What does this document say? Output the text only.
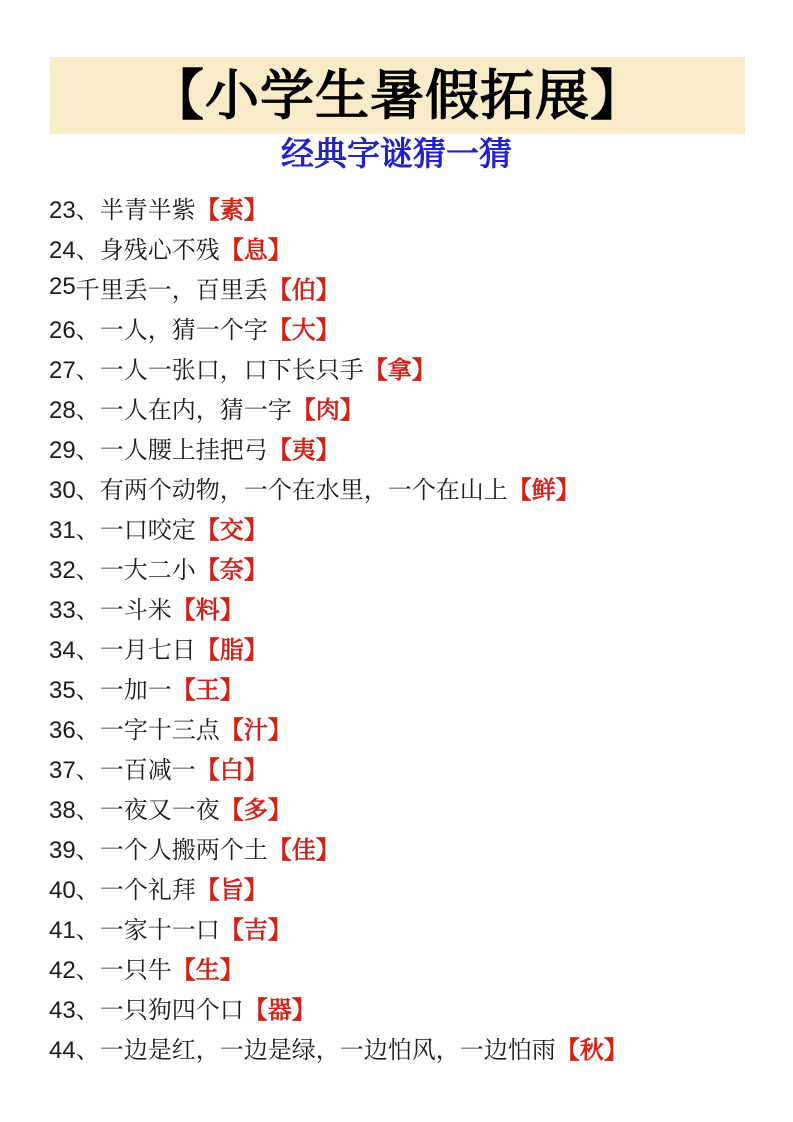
【小学生暑假拓展】
经典字谜猜一猜
23、 半青半紫 【素】
24、 身残心不残 【息】
25 千里丢一，百里丢 【伯】
26、 一人，猜一个字 【大】
27、 一人一张口，口下长只手 【拿】
28、 一人在内，猜一字 【肉】
29、 一人腰上挂把弓 【夷】
30、 有两个动物，一个在水里，一个在山上 【鲜】
31、 一口咬定 【交】
32、 一大二小 【奈】
33、 一斗米 【料】
34、 一月七日 【脂】
35、 一加一 【王】
36、 一字十三点 【汁】
37、 一百减一 【白】
38、 一夜又一夜 【多】
39、 一个人搬两个土 【佳】
40、 一个礼拜 【旨】
41、 一家十一口 【吉】
42、 一只牛 【生】
43、 一只狗四个口 【器】
44、 一边是红，一边是绿，一边怕风，一边怕雨 【秋】
